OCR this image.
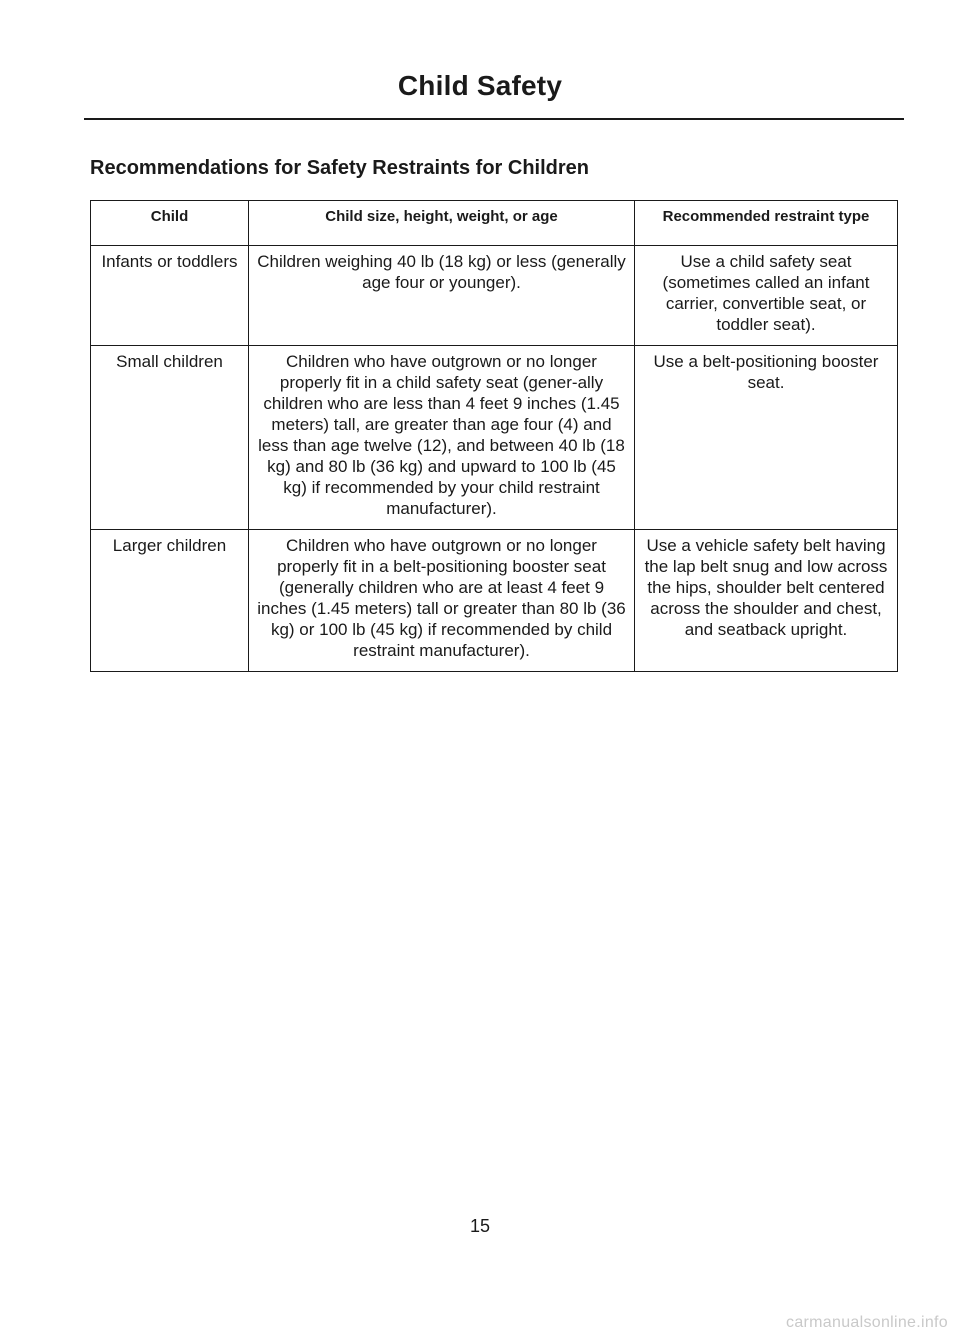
Child Safety
Recommendations for Safety Restraints for Children
Child	Child size, height, weight, or age	Recommended restraint type
Infants or toddlers	Children weighing 40 lb (18 kg) or less (generally age four or younger).	Use a child safety seat (sometimes called an infant carrier, convertible seat, or toddler seat).
Small children	Children who have outgrown or no longer properly fit in a child safety seat (gener-ally children who are less than 4 feet 9 inches (1.45 meters) tall, are greater than age four (4) and less than age twelve (12), and between 40 lb (18 kg) and 80 lb (36 kg) and upward to 100 lb (45 kg) if recommended by your child restraint manufacturer).	Use a belt-positioning booster seat.
Larger children	Children who have outgrown or no longer properly fit in a belt-positioning booster seat (generally children who are at least 4 feet 9 inches (1.45 meters) tall or greater than 80 lb (36 kg) or 100 lb (45 kg) if recommended by child restraint manufacturer).	Use a vehicle safety belt having the lap belt snug and low across the hips, shoulder belt centered across the shoulder and chest, and seatback upright.
15
carmanualsonline.info
